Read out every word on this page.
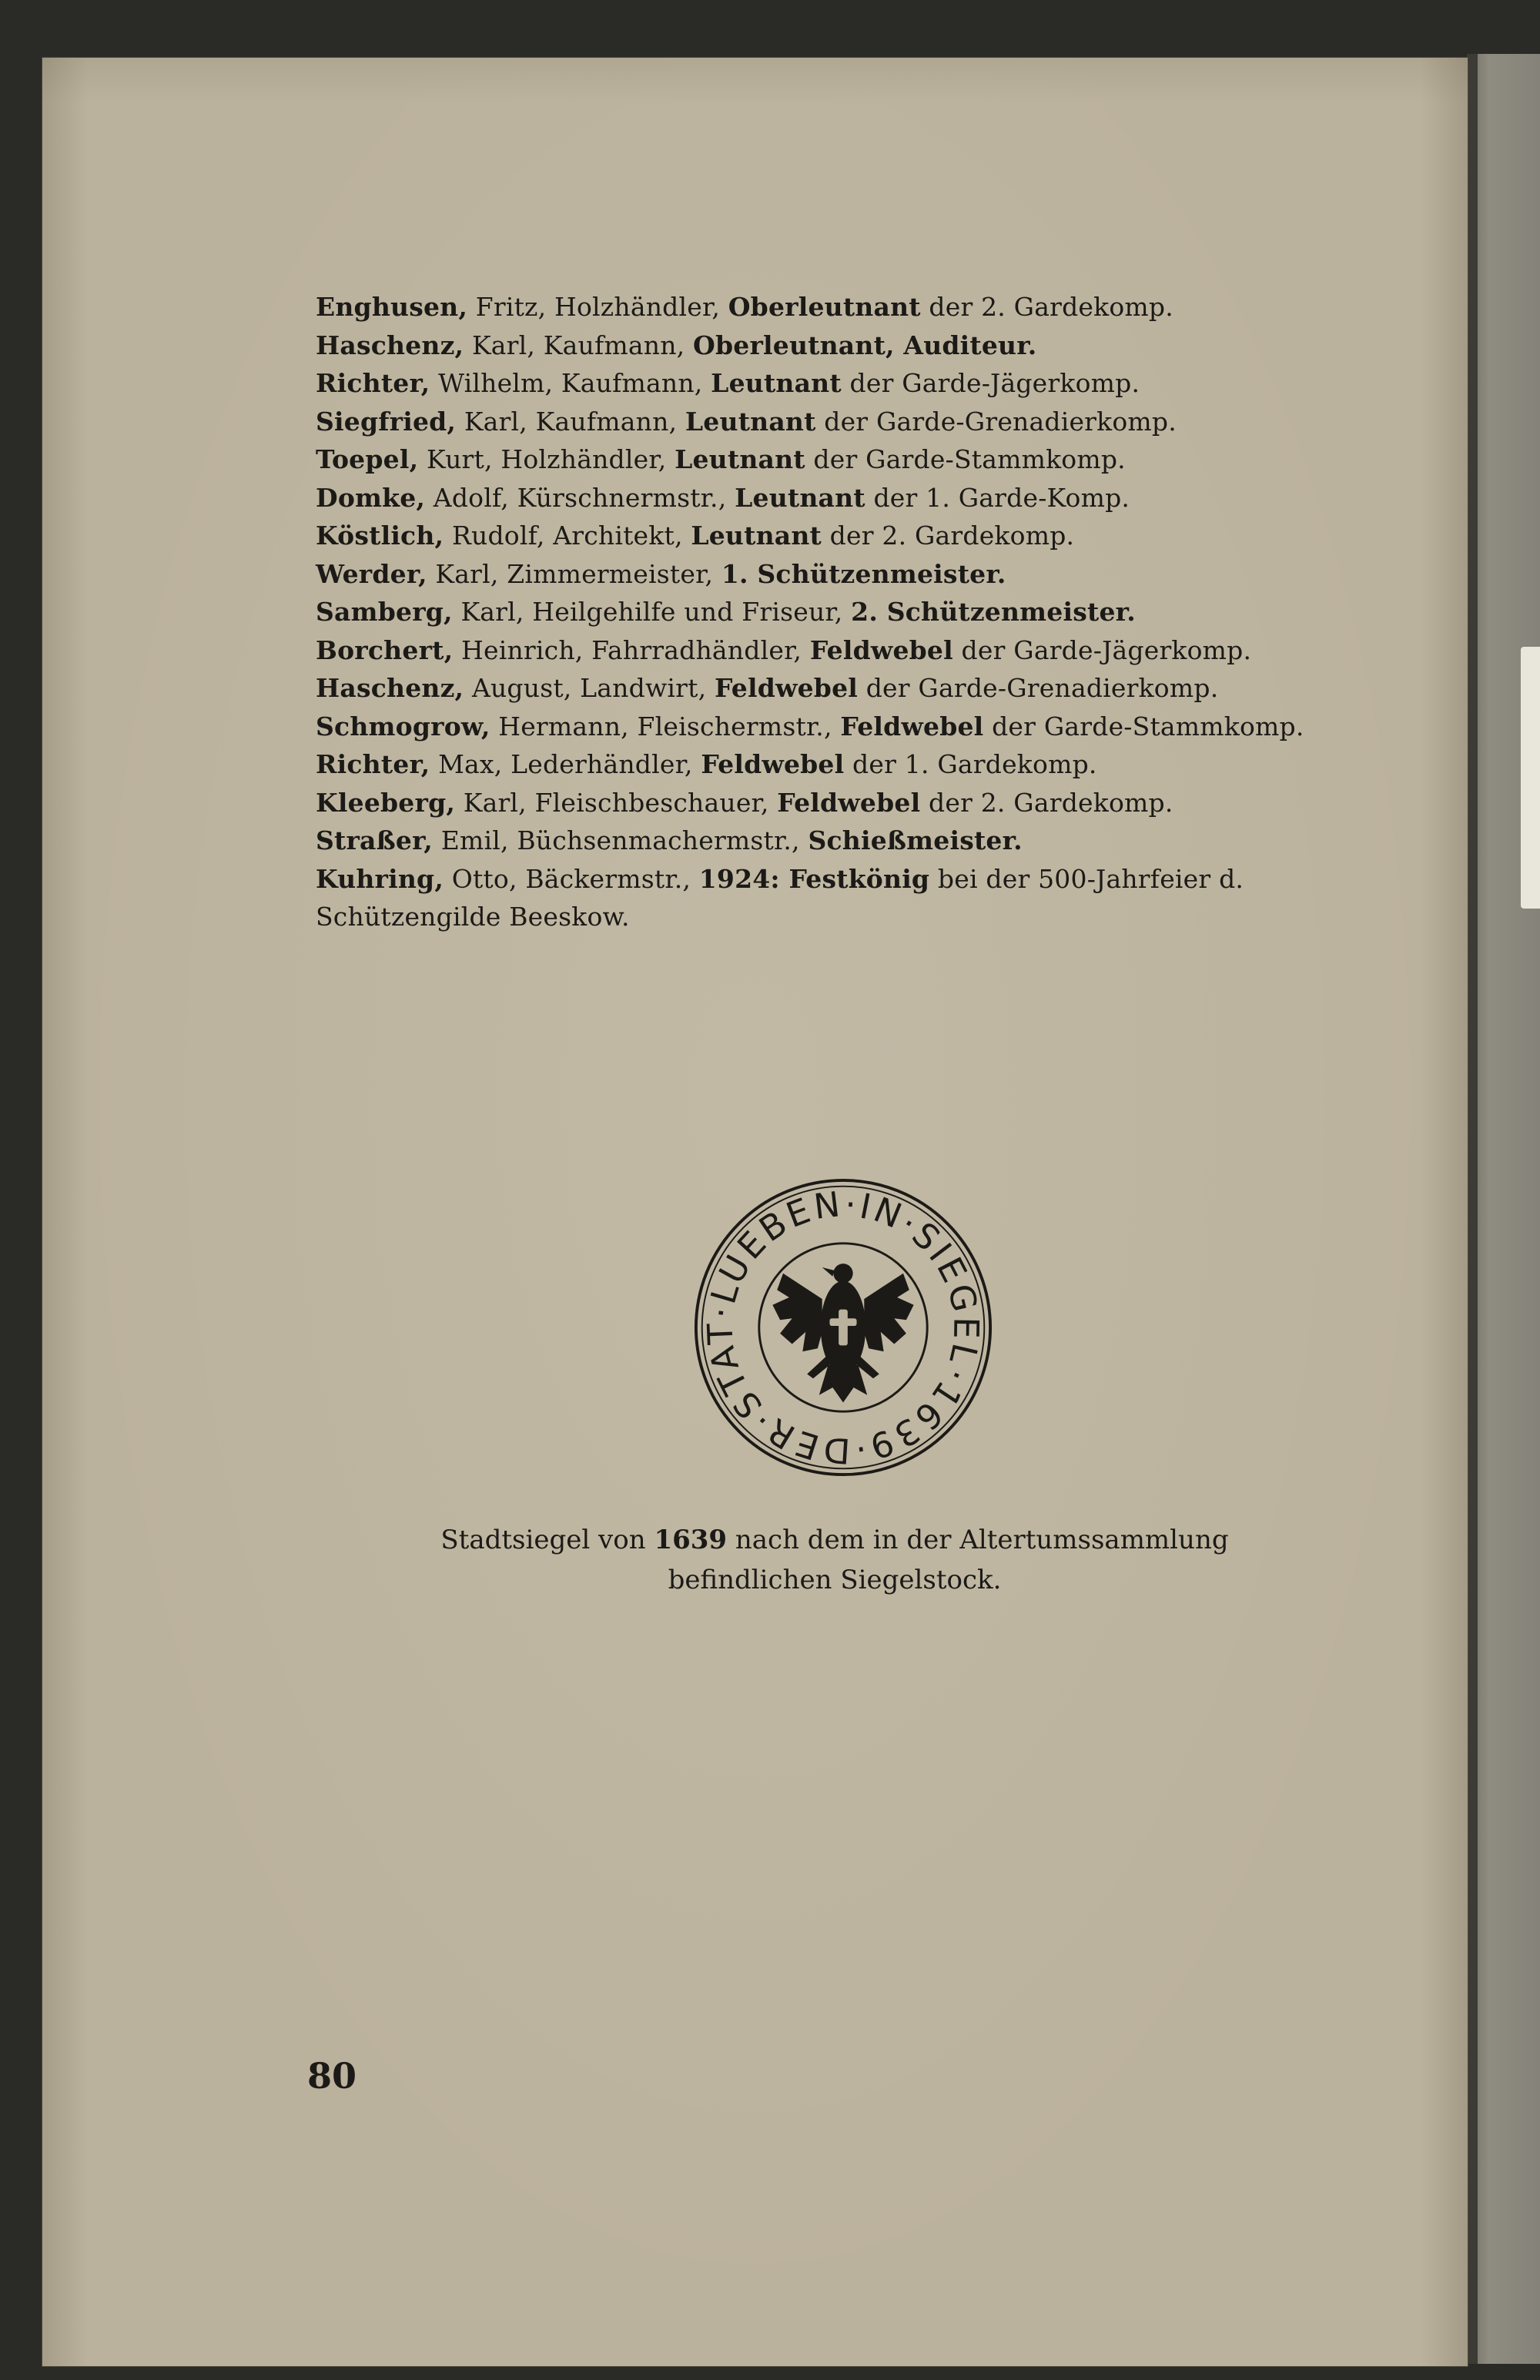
Enghusen, Fritz, Holzhändler, Oberleutnant der 2. Gardekomp.
Haschenz, Karl, Kaufmann, Oberleutnant, Auditeur.
Richter, Wilhelm, Kaufmann, Leutnant der Garde-Jägerkomp.
Siegfried, Karl, Kaufmann, Leutnant der Garde-Grenadierkomp.
Toepel, Kurt, Holzhändler, Leutnant der Garde-Stammkomp.
Domke, Adolf, Kürschnermstr., Leutnant der 1. Garde-Komp.
Köstlich, Rudolf, Architekt, Leutnant der 2. Gardekomp.
Werder, Karl, Zimmermeister, 1. Schützenmeister.
Samberg, Karl, Heilgehilfe und Friseur, 2. Schützenmeister.
Borchert, Heinrich, Fahrradhändler, Feldwebel der Garde-Jägerkomp.
Haschenz, August, Landwirt, Feldwebel der Garde-Grenadierkomp.
Schmogrow, Hermann, Fleischermstr., Feldwebel der Garde-Stammkomp.
Richter, Max, Lederhändler, Feldwebel der 1. Gardekomp.
Kleeberg, Karl, Fleischbeschauer, Feldwebel der 2. Gardekomp.
Straßer, Emil, Büchsenmachermstr., Schießmeister.
Kuhring, Otto, Bäckermstr., 1924: Festkönig bei der 500-Jahrfeier d. Schützengilde Beeskow.
·1639·DER·STAT·LUEBEN·IN·SIEGEL
Stadtsiegel von 1639 nach dem in der Altertumssammlung
befindlichen Siegelstock.
80
